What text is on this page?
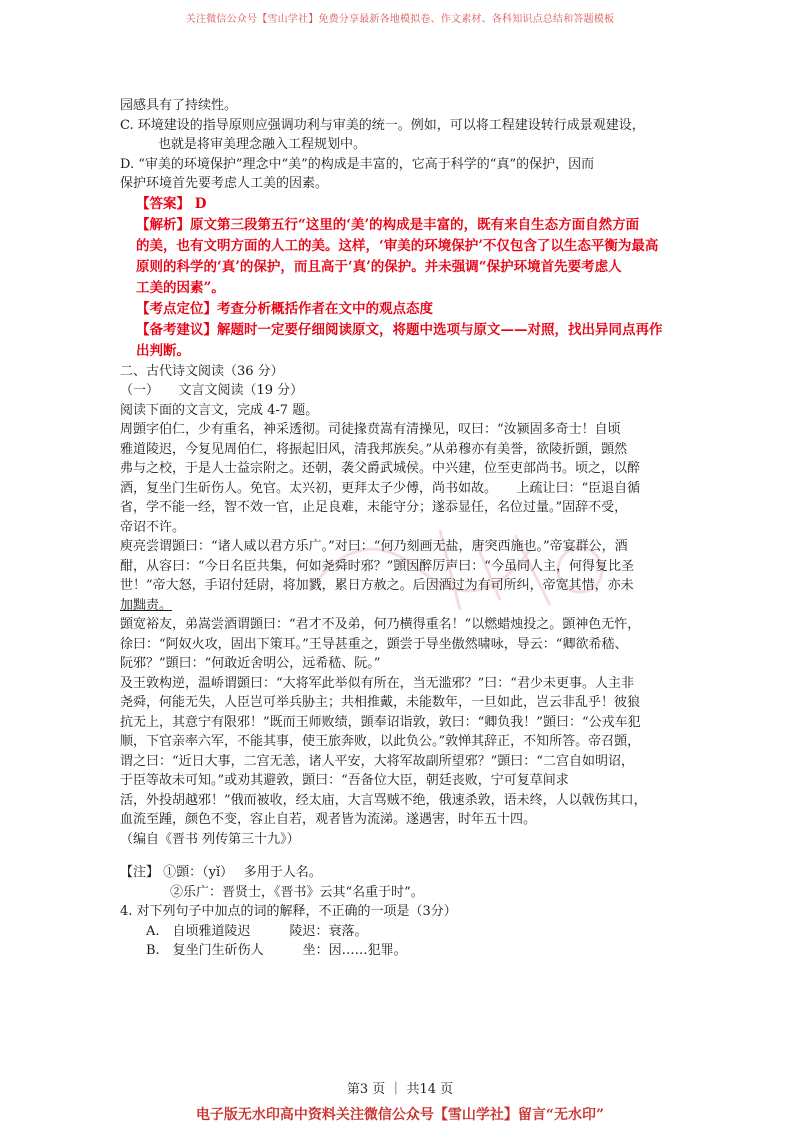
关注微信公众号【雪山学社】免费分享最新各地模拟卷、作文素材、各科知识点总结和答题模板

园感具有了持续性。

C. 环境建设的指导原则应强调功利与审美的统一。例如，可以将工程建设转行成景观建设，

也就是将审美理念融入工程规划中。

D. “审美的环境保护”理念中“美”的构成是丰富的，它高于科学的“真”的保护，因而

保护环境首先要考虑人工美的因素。

【答案】 D

【解析】原文第三段第五行“这里的‘美’的构成是丰富的，既有来自生态方面自然方面

的美，也有文明方面的人工的美。这样，‘审美的环境保护’不仅包含了以生态平衡为最高

原则的科学的‘真’的保护，而且高于‘真’的保护。并未强调“保护环境首先要考虑人

工美的因素”。

【考点定位】考查分析概括作者在文中的观点态度

【备考建议】解题时一定要仔细阅读原文，将题中选项与原文——对照，找出异同点再作

出判断。

二、古代诗文阅读（36 分）

（一）　　文言文阅读（19 分）

阅读下面的文言文，完成 4-7 题。

周顗字伯仁，少有重名，神采透彻。司徒掾贲嵩有清操见，叹曰：“汝颍固多奇士！自顷

雅道陵迟，今复见周伯仁，将振起旧风，清我邦族矣。”从弟穆亦有美誉，欲陵折顗，顗然

弗与之校，于是人士益宗附之。还朝，袭父爵武城侯。中兴建，位至吏部尚书。顷之，以醉

酒，复坐门生斫伤人。免官。太兴初，更拜太子少傅，尚书如故。　　上疏让曰：“臣退自循

省，学不能一经，智不效一官，止足良难，未能守分；遂忝显任，名位过量。”固辞不受，

帝诏不许。

庾亮尝谓顗曰：“诸人咸以君方乐广。”对曰：“何乃刻画无盐，唐突西施也。”帝宴群公，酒

酣，从容曰：“今日名臣共集，何如尧舜时邪？”顗因醉厉声曰：“今虽同人主，何得复比圣

世！”帝大怒，手诏付廷尉，将加戮，累日方赦之。后因酒过为有司所纠，帝宽其惜，亦未

加黜责。

顗宽裕友，弟嵩尝酒谓顗曰：“君才不及弟，何乃横得重名！”以燃蜡烛投之。顗神色无忤，

徐曰：“阿奴火攻，固出下策耳。”王导甚重之，顗尝于导坐傲然啸咏，导云：“卿欲希嵇、

阮邪？”顗曰：“何敢近舍明公，远希嵇、阮。”

及王敦构逆，温峤谓顗曰：“大将军此举似有所在，当无滥邪？”曰：“君少未更事。人主非

尧舜，何能无失，人臣岂可举兵胁主；共相推戴，未能数年，一旦如此，岂云非乱乎！彼狼

抗无上，其意宁有限邪！”既而王师败绩，顗奉诏诣敦，敦曰：“卿负我！”顗曰：“公戎车犯

顺，下官亲率六军，不能其事，使王旅奔败，以此负公。”敦惮其辞正，不知所答。帝召顗，

谓之曰：“近日大事，二宫无恙，诸人平安，大将军故副所望邪？”顗曰：“二宫自如明诏，

于臣等故未可知。”或劝其避敦，顗曰：“吾备位大臣，朝廷丧败，宁可复草间求

活，外投胡越邪！”俄而被收，经太庙，大言骂贼不绝，俄速杀敦，语未终，人以戟伤其口，

血流至踵，颜色不变，容止自若，观者皆为流涕。遂遇害，时年五十四。

（编自《晋书 列传第三十九》）

【注】 ①顗：（yǐ）　 多用于人名。

②乐广：晋贤士，《晋书》云其“名重于时”。

4. 对下列句子中加点的词的解释，不正确的一项是（3分）

A.　自顷雅道陵迟　　　陵迟：衰落。

B.　复坐门生斫伤人　　　坐：因……犯罪。

第3 页 ｜ 共14 页
电子版无水印高中资料关注微信公众号【雪山学社】留言“无水印”
